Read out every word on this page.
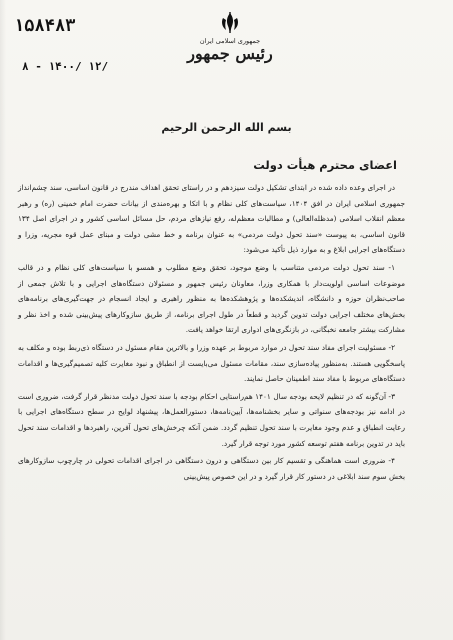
۱۵۸۴۸۳
۸ - ۱۴۰۰/ ۱۲/
جمهوری اسلامی ایران
رئیس جمهور
بسم الله الرحمن الرحیم
اعضای محترم هیأت دولت

در اجرای وعده داده شده در ابتدای تشکیل دولت سیزدهم و در راستای تحقق اهداف مندرج در قانون اساسی، سند چشم‌انداز جمهوری اسلامی ایران در افق ۱۴۰۴، سیاست‌های کلی نظام و با اتکا و بهره‌مندی از بیانات حضرت امام خمینی (ره) و رهبر معظم انقلاب اسلامی (مدظله‌العالی) و مطالبات معظم‌له، رفع نیازهای مردم، حل مسائل اساسی کشور و در اجرای اصل ۱۳۴ قانون اساسی، به پیوست «سند تحول دولت مردمی» به عنوان برنامه و خط مشی دولت و مبنای عمل قوه مجریه، وزرا و دستگاه‌های اجرایی ابلاغ و به موارد ذیل تأکید می‌شود:

۱- سند تحول دولت مردمی متناسب با وضع موجود، تحقق وضع مطلوب و همسو با سیاست‌های کلی نظام و در قالب موضوعات اساسی اولویت‌دار با همکاری وزرا، معاونان رئیس جمهور و مسئولان دستگاه‌های اجرایی و با تلاش جمعی از صاحب‌نظران حوزه و دانشگاه، اندیشکده‌ها و پژوهشکده‌ها به منظور راهبری و ایجاد انسجام در جهت‌گیری‌های برنامه‌های بخش‌های مختلف اجرایی دولت تدوین گردید و قطعاً در طول اجرای برنامه، از طریق سازوکارهای پیش‌بینی شده و اخذ نظر و مشارکت بیشتر جامعه نخبگانی، در بازنگری‌های ادواری ارتقا خواهد یافت.

۲- مسئولیت اجرای مفاد سند تحول در موارد مربوط بر عهده وزرا و بالاترین مقام مسئول در دستگاه ذی‌ربط بوده و مکلف به پاسخگویی هستند. به‌منظور پیاده‌سازی سند، مقامات مسئول می‌بایست از انطباق و نبود مغایرت کلیه تصمیم‌گیری‌ها و اقدامات دستگاه‌های مربوط با مفاد سند اطمینان حاصل نمایند.

۳- آن‌گونه که در تنظیم لایحه بودجه سال ۱۴۰۱ هم‌راستایی احکام بودجه با سند تحول دولت مدنظر قرار گرفت، ضروری است در ادامه نیز بودجه‌های سنواتی و سایر بخشنامه‌ها، آیین‌نامه‌ها، دستورالعمل‌ها، پیشنهاد لوایح در سطح دستگاه‌های اجرایی با رعایت انطباق و عدم وجود مغایرت با سند تحول تنظیم گردد. ضمن آنکه چرخش‌های تحول آفرین، راهبردها و اقدامات سند تحول باید در تدوین برنامه هفتم توسعه کشور مورد توجه قرار گیرد.

۴- ضروری است هماهنگی و تقسیم کار بین دستگاهی و درون دستگاهی در اجرای اقدامات تحولی در چارچوب سازوکارهای بخش سوم سند ابلاغی در دستور کار قرار گیرد و در این خصوص پیش‌بینی
